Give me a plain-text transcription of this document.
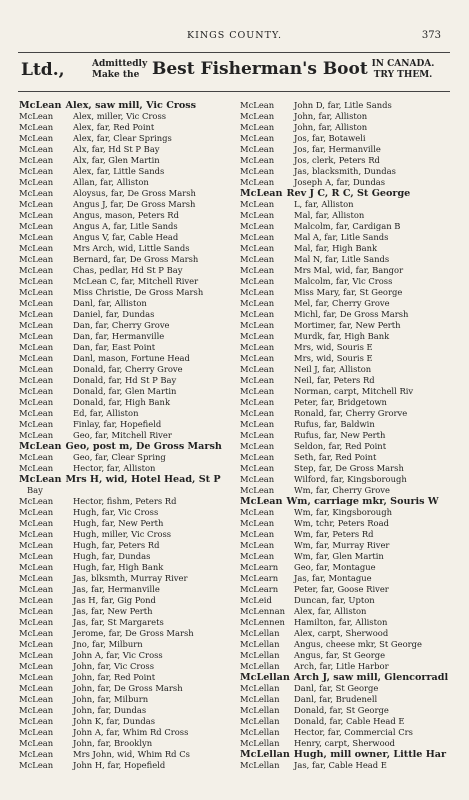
KINGS COUNTY.	373
Ltd.,	Admittedly
Make the Best Fisherman's Boot IN CANADA.
TRY THEM.
McLean Alex, saw mill, Vic Cross
McLean Alex, miller, Vic Cross
McLean Alex, far, Red Point
McLean Alex, far, Clear Springs
McLean Alx, far, Hd St P Bay
McLean Alx, far, Glen Martin
McLean Alex, far, Little Sands
McLean Allan, far, Alliston
McLean Aloysus, far, De Gross Marsh
McLean Angus J, far, De Gross Marsh
McLean Angus, mason, Peters Rd
McLean Angus A, far, Litle Sands
McLean Angus V, far, Cable Head
McLean Mrs Arch, wid, Little Sands
McLean Bernard, far, De Gross Marsh
McLean Chas, pedlar, Hd St P Bay
McLean McLean C, far, Mitchell River
McLean Miss Christie, De Gross Marsh
McLean Danl, far, Alliston
McLean Daniel, far, Dundas
McLean Dan, far, Cherry Grove
McLean Dan, far, Hermanville
McLean Dan, far, East Point
McLean Danl, mason, Fortune Head
McLean Donald, far, Cherry Grove
McLean Donald, far, Hd St P Bay
McLean Donald, far, Glen Martin
McLean Donald, far, High Bank
McLean Ed, far, Alliston
McLean Finlay, far, Hopefield
McLean Geo, far, Mitchell River
McLean Geo, post m, De Gross Marsh
McLean Geo, far, Clear Spring
McLean Hector, far, Alliston
McLean Mrs H, wid, Hotel Head, St P
Bay
McLean Hector, fishm, Peters Rd
McLean Hugh, far, Vic Cross
McLean Hugh, far, New Perth
McLean Hugh, miller, Vic Cross
McLean Hugh, far, Peters Rd
McLean Hugh, far, Dundas
McLean Hugh, far, High Bank
McLean Jas, blksmth, Murray River
McLean Jas, far, Hermanville
McLean Jas H, far, Gig Pond
McLean Jas, far, New Perth
McLean Jas, far, St Margarets
McLean Jerome, far, De Gross Marsh
McLean Jno, far, Milburn
McLean John A, far, Vic Cross
McLean John, far, Vic Cross
McLean John, far, Red Point
McLean John, far, De Gross Marsh
McLean John, far, Milburn
McLean John, far, Dundas
McLean John K, far, Dundas
McLean John A, far, Whim Rd Cross
McLean John, far, Brooklyn
McLean Mrs John, wid, Whim Rd Cs
McLean John H, far, Hopefield
McLean John D, far, Litle Sands
McLean John, far, Alliston
McLean John, far, Alliston
McLean Jos, far, Botaweli
McLean Jos, far, Hermanville
McLean Jos, clerk, Peters Rd
McLean Jas, blacksmith, Dundas
McLean Joseph A, far, Dundas
McLean Rev J C, R C, St George
McLean L, far, Alliston
McLean Mal, far, Alliston
McLean Malcolm, far, Cardigan B
McLean Mal A, far, Litle Sands
McLean Mal, far, High Bank
McLean Mal N, far, Litle Sands
McLean Mrs Mal, wid, far, Bangor
McLean Malcolm, far, Vic Cross
McLean Miss Mary, far, St George
McLean Mel, far, Cherry Grove
McLean Michl, far, De Gross Marsh
McLean Mortimer, far, New Perth
McLean Murdk, far, High Bank
McLean Mrs, wid, Souris E
McLean Mrs, wid, Souris E
McLean Neil J, far, Alliston
McLean Neil, far, Peters Rd
McLean Norman, carpt, Mitchell Riv
McLean Peter, far, Bridgetown
McLean Ronald, far, Cherry Grorve
McLean Rufus, far, Baldwin
McLean Rufus, far, New Perth
McLean Seldon, far, Red Point
McLean Seth, far, Red Point
McLean Step, far, De Gross Marsh
McLean Wilford, far, Kingsborough
McLean Wm, far, Cherry Grove
McLean Wm, carriage mkr, Souris W
McLean Wm, far, Kingsborough
McLean Wm, tchr, Peters Road
McLean Wm, far, Peters Rd
McLean Wm, far, Murray River
McLean Wm, far, Glen Martin
McLearn Geo, far, Montague
McLearn Jas, far, Montague
McLearn Peter, far, Goose River
McLeid	Duncan, far, Upton
McLennan Alex, far, Alliston
McLennen Hamilton, far, Alliston
McLellan Alex, carpt, Sherwood
McLellan Angus, cheese mkr, St George
McLellan Angus, far, St George
McLellan Arch, far, Litle Harbor
McLellan Arch J, saw mill, Glencorradl
McLellan Danl, far, St George
McLellan Danl, far, Brudenell
McLellan Donald, far, St George
McLellan Donald, far, Cable Head E
McLellan Hector, far, Commercial Crs
McLellan Henry, carpt, Sherwood
McLellan Hugh, mill owner, Little Har
McLellan Jas, far, Cable Head E
